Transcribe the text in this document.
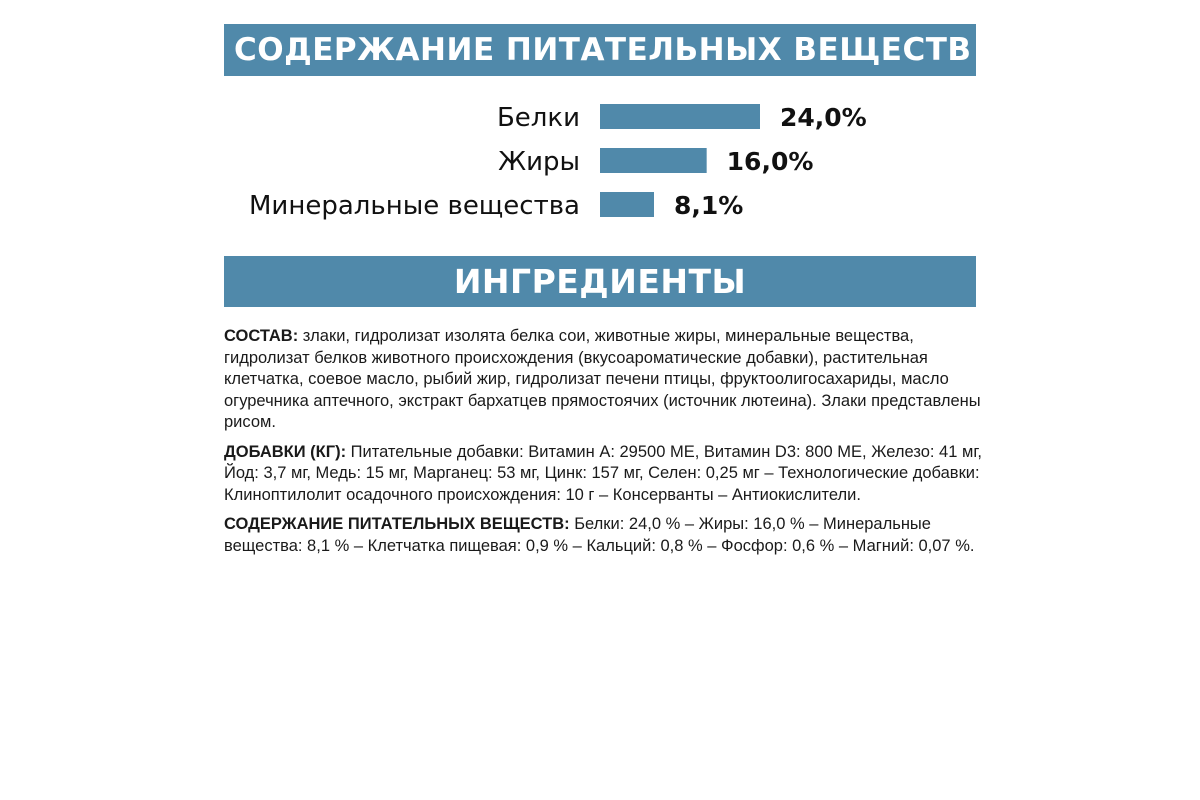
СОДЕРЖАНИЕ ПИТАТЕЛЬНЫХ ВЕЩЕСТВ
Белки	24,0%
Жиры	16,0%
Минеральные вещества	8,1%
ИНГРЕДИЕНТЫ

СОСТАВ: злаки, гидролизат изолята белка сои, животные жиры, минеральные вещества, гидролизат белков животного происхождения (вкусоароматические добавки), растительная клетчатка, соевое масло, рыбий жир, гидролизат печени птицы, фруктоолигосахариды, масло огуречника аптечного, экстракт бархатцев прямостоячих (источник лютеина). Злаки представлены рисом.

ДОБАВКИ (КГ): Питательные добавки: Витамин А: 29500 МЕ, Витамин D3: 800 МЕ, Железо: 41 мг, Йод: 3,7 мг, Медь: 15 мг, Марганец: 53 мг, Цинк: 157 мг, Селен: 0,25 мг – Технологические добавки: Клиноптилолит осадочного происхождения: 10 г – Консерванты – Антиокислители.

СОДЕРЖАНИЕ ПИТАТЕЛЬНЫХ ВЕЩЕСТВ: Белки: 24,0 % – Жиры: 16,0 % – Минеральные вещества: 8,1 % – Клетчатка пищевая: 0,9 % – Кальций: 0,8 % – Фосфор: 0,6 % – Магний: 0,07 %.
